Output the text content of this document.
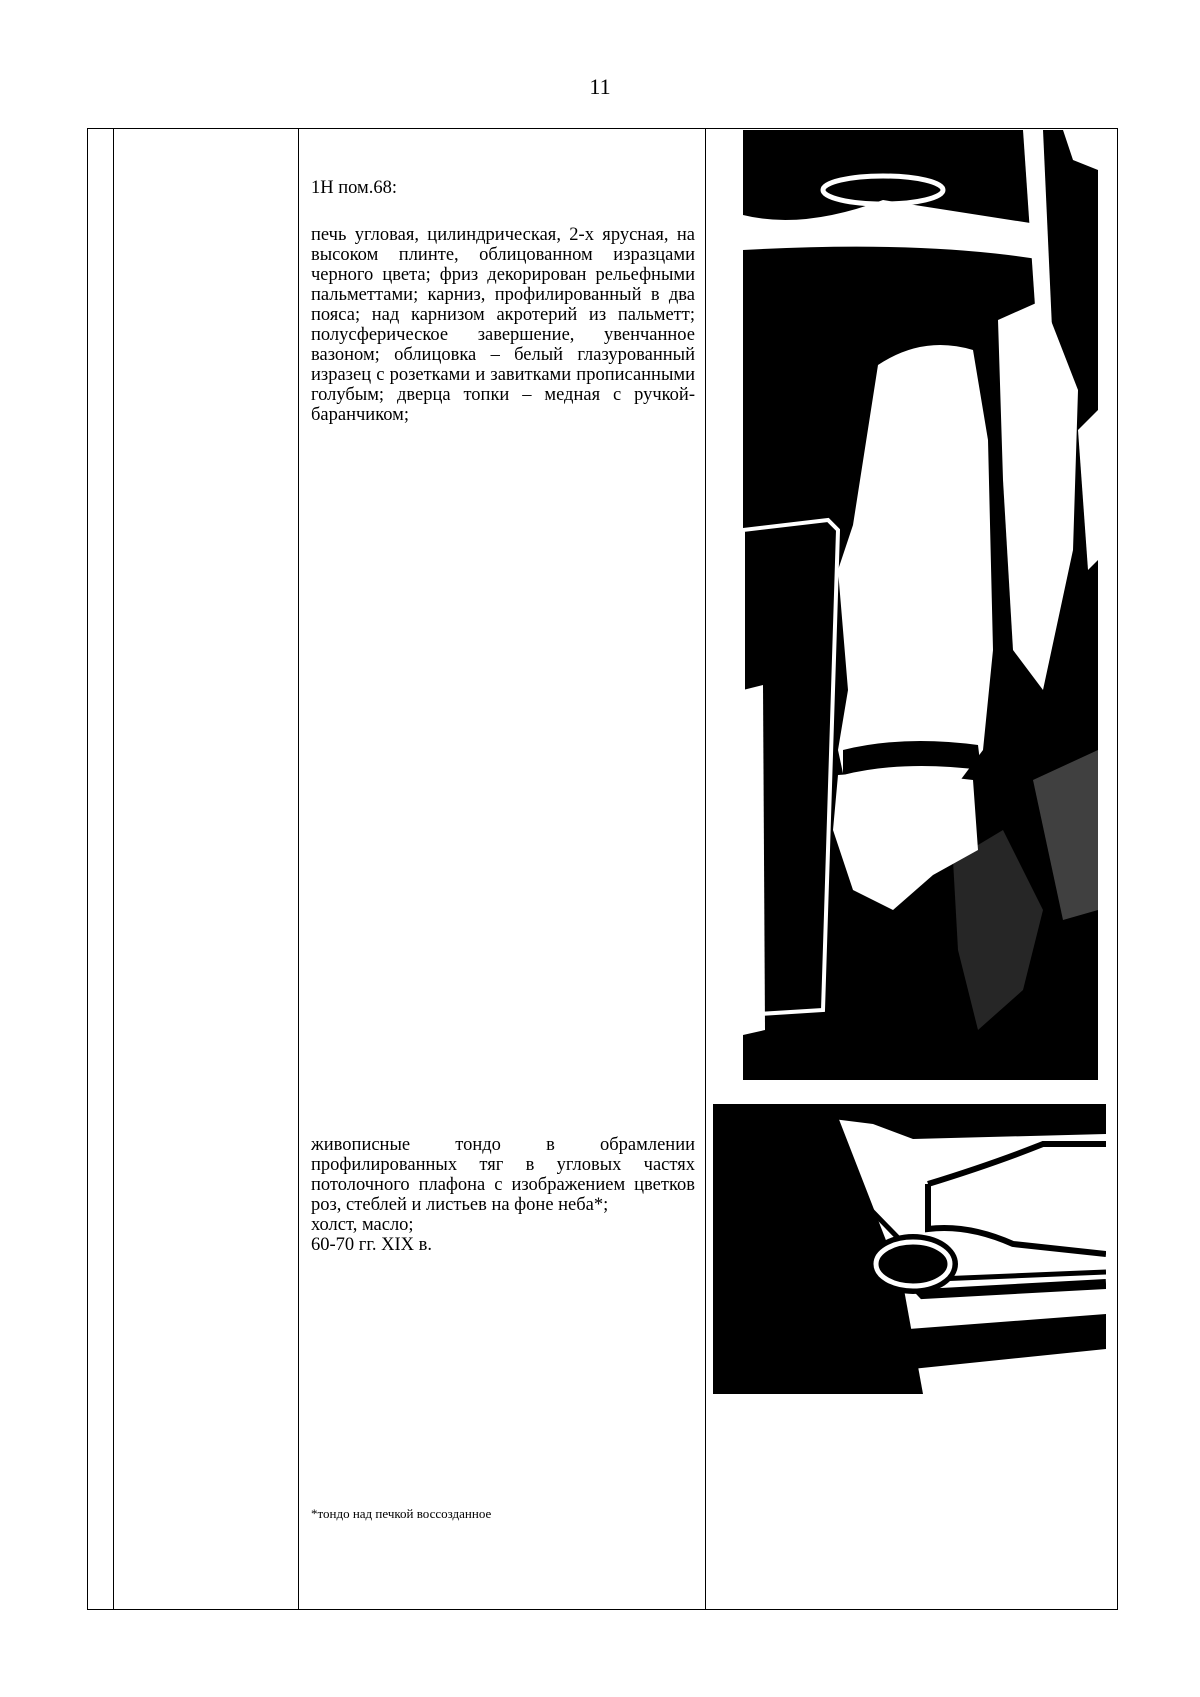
11
1Н пом.68:

печь угловая, цилиндрическая, 2-х ярусная, на высоком плинте, облицованном изразцами черного цвета; фриз декорирован рельефными пальметтами; карниз, профилированный в два пояса; над карнизом акротерий из пальметт; полусферическое завершение, увенчанное вазоном; облицовка – белый глазурованный изразец с розетками и завитками прописанными голубым; дверца топки – медная с ручкой-баранчиком;

живописные тондо в обрамлении профилированных тяг в угловых частях потолочного плафона с изображением цветков роз, стеблей и листьев на фоне неба*;

холст, масло;
60-70 гг. XIX в.
*тондо над печкой воссозданное
